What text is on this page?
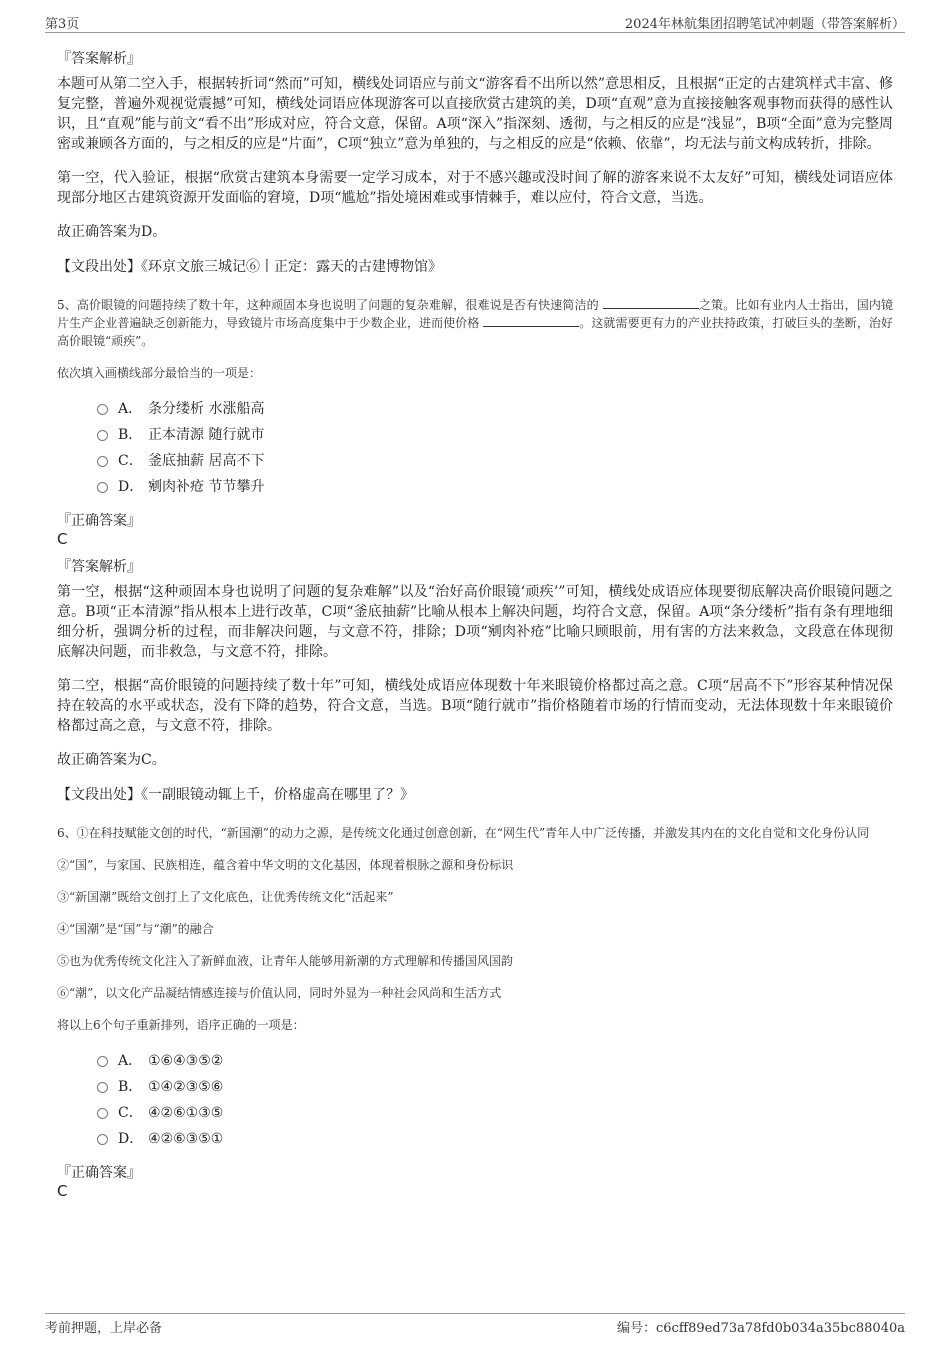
第3页	2024年林航集团招聘笔试冲刺题（带答案解析）
『答案解析』

本题可从第二空入手，根据转折词“然而”可知，横线处词语应与前文“游客看不出所以然”意思相反，且根据“正定的古建筑样式丰富、修复完整，普遍外观视觉震撼”可知，横线处词语应体现游客可以直接欣赏古建筑的美，D项“直观”意为直接接触客观事物而获得的感性认识，且“直观”能与前文“看不出”形成对应，符合文意，保留。A项“深入”指深刻、透彻，与之相反的应是“浅显”，B项“全面”意为完整周密或兼顾各方面的，与之相反的应是“片面”，C项“独立”意为单独的，与之相反的应是“依赖、依靠”，均无法与前文构成转折，排除。

第一空，代入验证，根据“欣赏古建筑本身需要一定学习成本，对于不感兴趣或没时间了解的游客来说不太友好”可知，横线处词语应体现部分地区古建筑资源开发面临的窘境，D项“尴尬”指处境困难或事情棘手，难以应付，符合文意，当选。

故正确答案为D。

【文段出处】《环京文旅三城记⑥丨正定：露天的古建博物馆》

5、高价眼镜的问题持续了数十年，这种顽固本身也说明了问题的复杂难解，很难说是否有快速简洁的	之策。比如有业内人士指出，国内镜片生产企业普遍缺乏创新能力，导致镜片市场高度集中于少数企业，进而使价格	。这就需要更有力的产业扶持政策，打破巨头的垄断，治好高价眼镜“顽疾”。

依次填入画横线部分最恰当的一项是：

A． 条分缕析 水涨船高
B． 正本清源 随行就市
C． 釜底抽薪 居高不下
D． 剜肉补疮 节节攀升
『正确答案』
C
『答案解析』

第一空，根据“这种顽固本身也说明了问题的复杂难解”以及“治好高价眼镜‘顽疾’”可知，横线处成语应体现要彻底解决高价眼镜问题之意。B项“正本清源”指从根本上进行改革，C项“釜底抽薪”比喻从根本上解决问题，均符合文意，保留。A项“条分缕析”指有条有理地细细分析，强调分析的过程，而非解决问题，与文意不符，排除；D项“剜肉补疮”比喻只顾眼前，用有害的方法来救急，文段意在体现彻底解决问题，而非救急，与文意不符，排除。

第二空，根据“高价眼镜的问题持续了数十年”可知，横线处成语应体现数十年来眼镜价格都过高之意。C项“居高不下”形容某种情况保持在较高的水平或状态，没有下降的趋势，符合文意，当选。B项“随行就市”指价格随着市场的行情而变动，无法体现数十年来眼镜价格都过高之意，与文意不符，排除。

故正确答案为C。

【文段出处】《一副眼镜动辄上千，价格虚高在哪里了？》

6、①在科技赋能文创的时代，“新国潮”的动力之源，是传统文化通过创意创新，在“网生代”青年人中广泛传播，并激发其内在的文化自觉和文化身份认同

②“国”，与家国、民族相连，蕴含着中华文明的文化基因，体现着根脉之源和身份标识

③“新国潮”既给文创打上了文化底色，让优秀传统文化“活起来”

④“国潮”是“国”与“潮”的融合

⑤也为优秀传统文化注入了新鲜血液，让青年人能够用新潮的方式理解和传播国风国韵

⑥“潮”，以文化产品凝结情感连接与价值认同，同时外显为一种社会风尚和生活方式

将以上6个句子重新排列，语序正确的一项是：

A． ①⑥④③⑤②
B． ①④②③⑤⑥
C． ④②⑥①③⑤
D． ④②⑥③⑤①
『正确答案』
C
考前押题，上岸必备	编号：c6cff89ed73a78fd0b034a35bc88040a
